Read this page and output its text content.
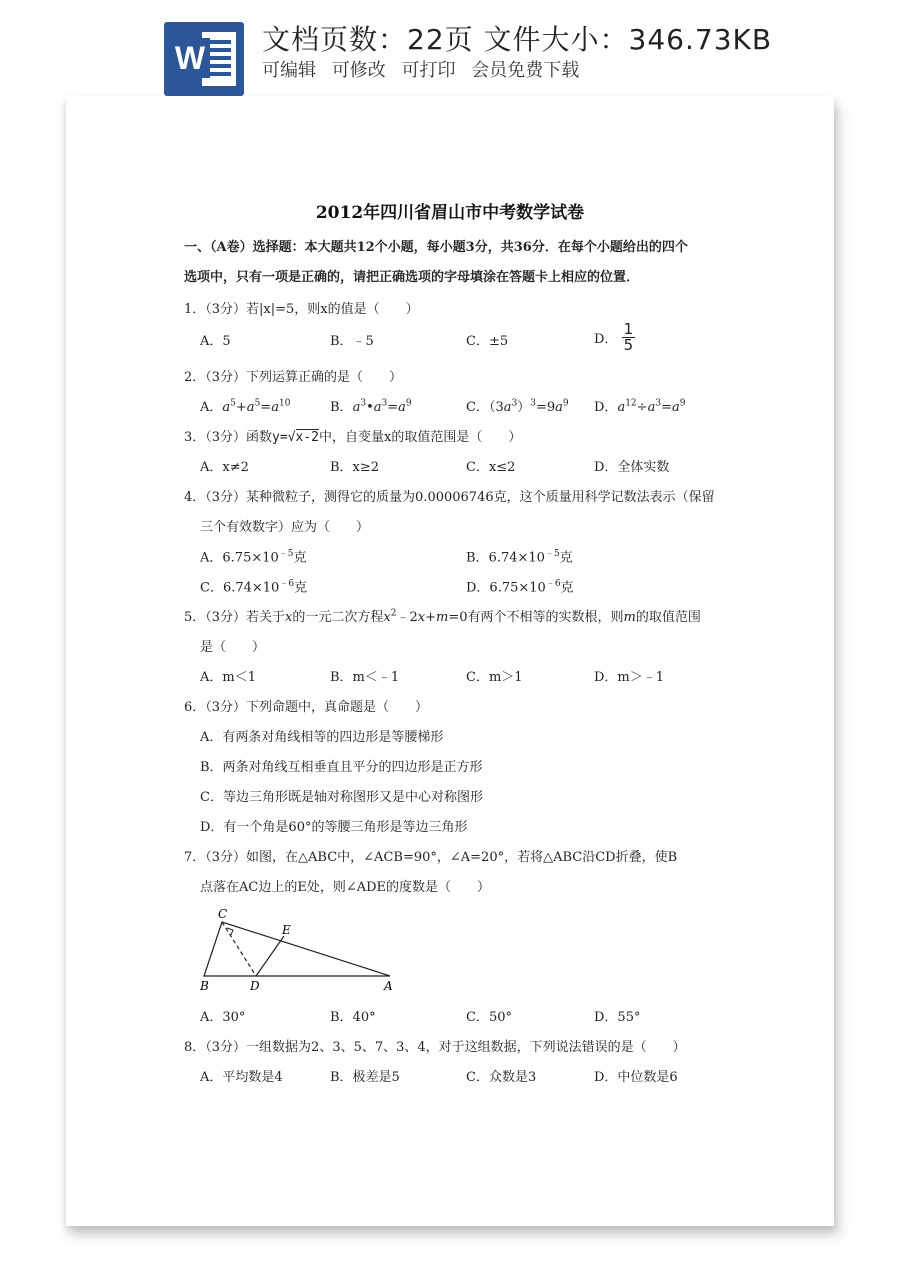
W
文档页数：22页 文件大小：346.73KB
可编辑 可修改 可打印 会员免费下载
2012年四川省眉山市中考数学试卷
一、（A卷）选择题：本大题共12个小题，每小题3分，共36分．在每个小题给出的四个
选项中，只有一项是正确的，请把正确选项的字母填涂在答题卡上相应的位置．
1．（3分）若|x|=5，则x的值是（　　）
A．5	B．﹣5	C．±5	D． $\frac{1}{5}$
2．（3分）下列运算正确的是（　　）
A．$a^5+a^5=a^{10}$	B．$a^3•a^3=a^9$	C．$(3a^3)^3=9a^9$ D．$a^{12}\div a^3=a^9$
3．（3分）函数y=√x-2中，自变量x的取值范围是（　　）
A．x≠2	B．x≥2	C．x≤2	D．全体实数
4．（3分）某种微粒子，测得它的质量为0.00006746克，这个质量用科学记数法表示（保留
三个有效数字）应为（　　）
A．$6.75\times 10^{﹣5}$克	B．$6.74\times 10^{﹣5}$克
C．$6.74\times 10^{﹣6}$克	D．$6.75\times 10^{﹣6}$克
5．（3分）若关于x的一元二次方程$x^2﹣2x+m=0$有两个不相等的实数根，则m的取值范围
是（　　）
A．m＜1	B．m＜﹣1	C．m＞1	D．m＞﹣1
6．（3分）下列命题中，真命题是（　　）
A．有两条对角线相等的四边形是等腰梯形
B．两条对角线互相垂直且平分的四边形是正方形
C．等边三角形既是轴对称图形又是中心对称图形
D．有一个角是60°的等腰三角形是等边三角形
7．（3分）如图，在△ABC中，∠ACB=90°，∠A=20°，若将△ABC沿CD折叠，使B
点落在AC边上的E处，则∠ADE的度数是（　　）
C
E
B	D	A
A．30°	B．40°	C．50°	D．55°
8．（3分）一组数据为2、3、5、7、3、4，对于这组数据，下列说法错误的是（　　）
A．平均数是4	B．极差是5	C．众数是3	D．中位数是6
